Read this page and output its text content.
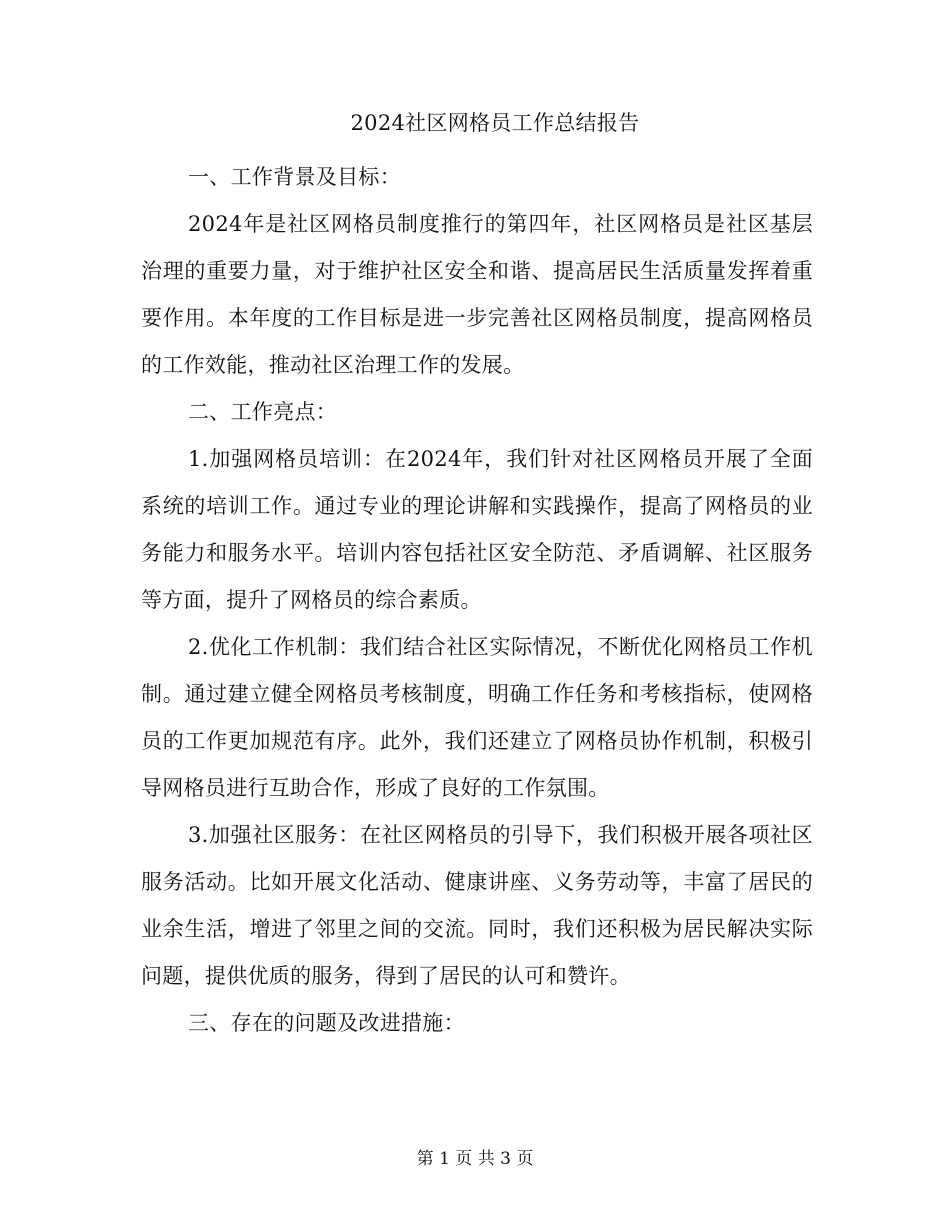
2024社区网格员工作总结报告

一、工作背景及目标：

2024年是社区网格员制度推行的第四年，社区网格员是社区基层治理的重要力量，对于维护社区安全和谐、提高居民生活质量发挥着重要作用。本年度的工作目标是进一步完善社区网格员制度，提高网格员的工作效能，推动社区治理工作的发展。

二、工作亮点：

1.加强网格员培训：在2024年，我们针对社区网格员开展了全面系统的培训工作。通过专业的理论讲解和实践操作，提高了网格员的业务能力和服务水平。培训内容包括社区安全防范、矛盾调解、社区服务等方面，提升了网格员的综合素质。

2.优化工作机制：我们结合社区实际情况，不断优化网格员工作机制。通过建立健全网格员考核制度，明确工作任务和考核指标，使网格员的工作更加规范有序。此外，我们还建立了网格员协作机制，积极引导网格员进行互助合作，形成了良好的工作氛围。

3.加强社区服务：在社区网格员的引导下，我们积极开展各项社区服务活动。比如开展文化活动、健康讲座、义务劳动等，丰富了居民的业余生活，增进了邻里之间的交流。同时，我们还积极为居民解决实际问题，提供优质的服务，得到了居民的认可和赞许。

三、存在的问题及改进措施：

第 1 页 共 3 页
